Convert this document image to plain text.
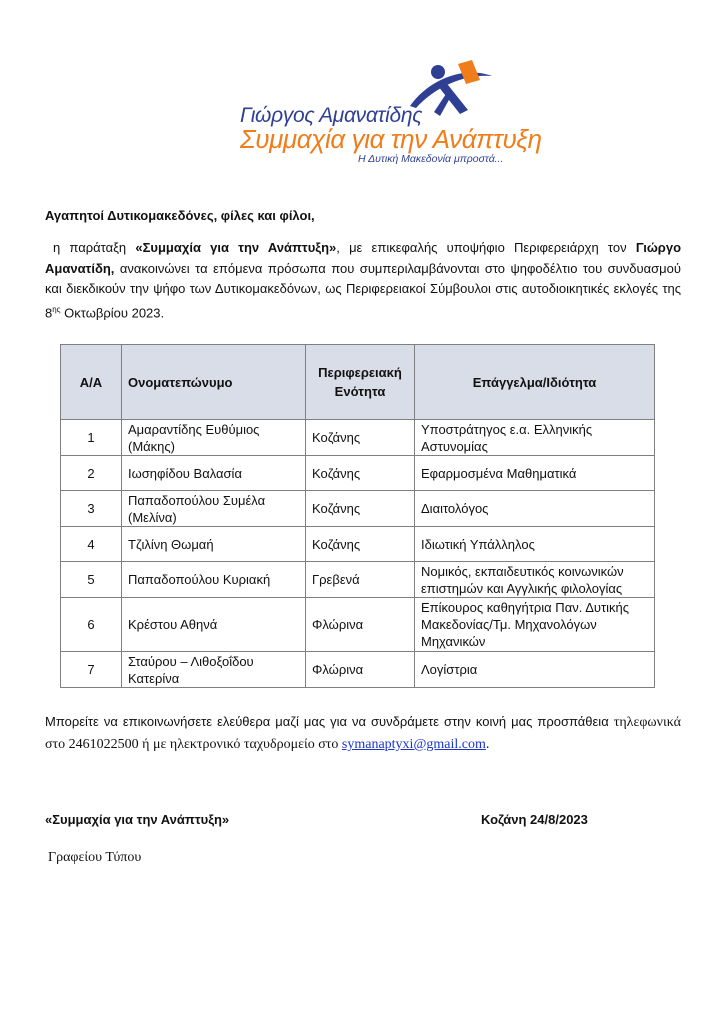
Γιώργος Αμανατίδης
Συμμαχία για την Ανάπτυξη
Η Δυτική Μακεδονία μπροστά...
Αγαπητοί Δυτικομακεδόνες, φίλες και φίλοι,
η παράταξη «Συμμαχία για την Ανάπτυξη», με επικεφαλής υποψήφιο Περιφερειάρχη τον Γιώργο Αμανατίδη, ανακοινώνει τα επόμενα πρόσωπα που συμπεριλαμβάνονται στο ψηφοδέλτιο του συνδυασμού και διεκδικούν την ψήφο των Δυτικομακεδόνων, ως Περιφερειακοί Σύμβουλοι στις αυτοδιοικητικές εκλογές της $8^{\eta\varsigma}$ Οκτωβρίου 2023.
Α/Α	Ονοματεπώνυμο	Περιφερειακή Ενότητα	Επάγγελμα/Ιδιότητα
1	Αμαραντίδης Ευθύμιος (Μάκης)	Κοζάνης	Υποστράτηγος ε.α. Ελληνικής Αστυνομίας
2	Ιωσηφίδου Βαλασία	Κοζάνης	Εφαρμοσμένα Μαθηματικά
3	Παπαδοπούλου Συμέλα (Μελίνα)	Κοζάνης	Διαιτολόγος
4	Τζιλίνη Θωμαή	Κοζάνης	Ιδιωτική Υπάλληλος
5	Παπαδοπούλου Κυριακή	Γρεβενά	Νομικός, εκπαιδευτικός κοινωνικών επιστημών και Αγγλικής φιλολογίας
6	Κρέστου Αθηνά	Φλώρινα	Επίκουρος καθηγήτρια Παν. Δυτικής Μακεδονίας/Τμ. Μηχανολόγων Μηχανικών
7	Σταύρου – Λιθοξοΐδου Κατερίνα	Φλώρινα	Λογίστρια
Μπορείτε να επικοινωνήσετε ελεύθερα μαζί μας για να συνδράμετε στην κοινή μας προσπάθεια τηλεφωνικά στο 2461022500 ή με ηλεκτρονικό ταχυδρομείο στο symanaptyxi@gmail.com.
«Συμμαχία για την Ανάπτυξη»	Κοζάνη 24/8/2023
Γραφείου Τύπου
